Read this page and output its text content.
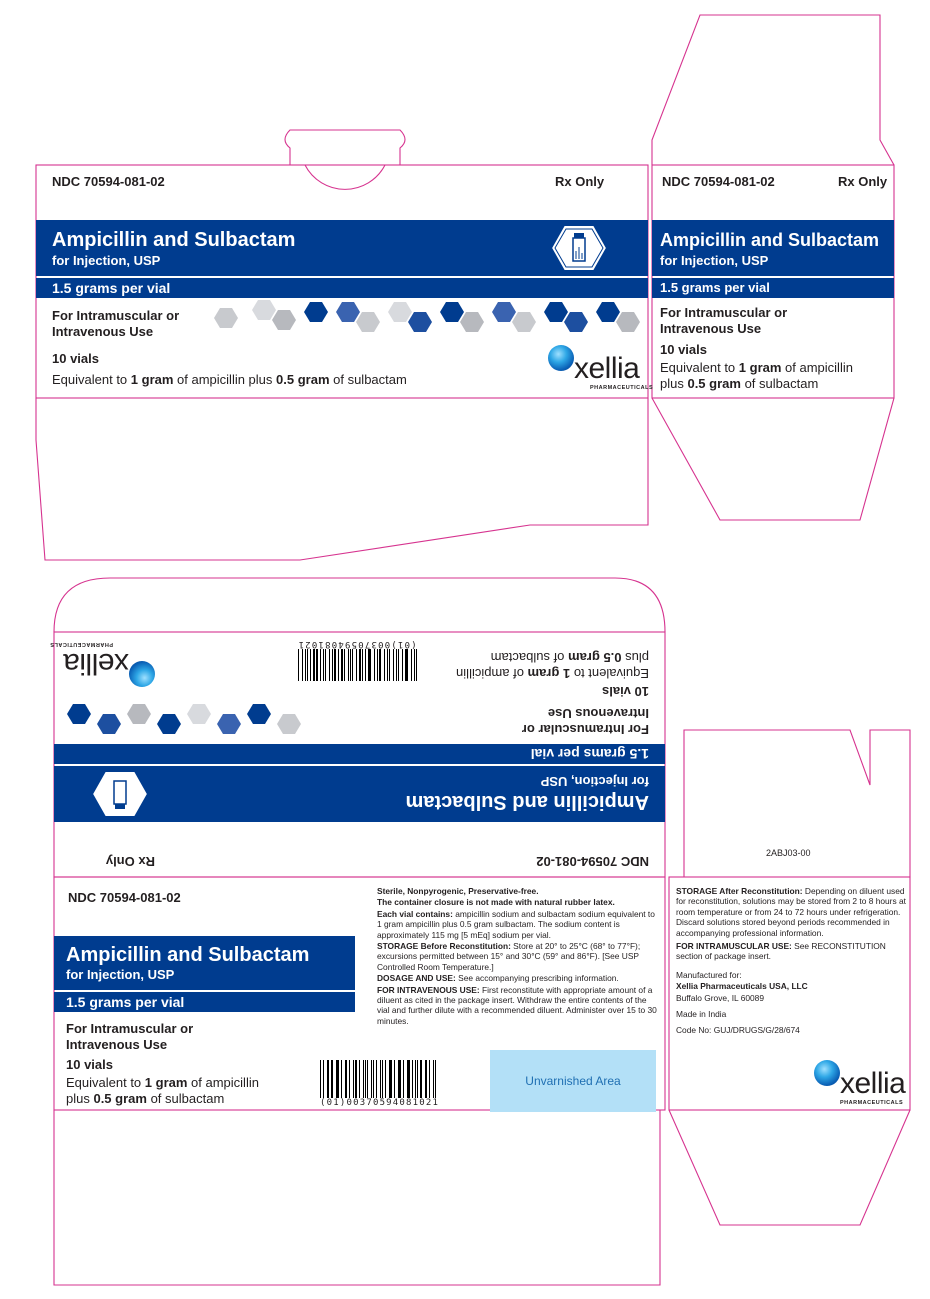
NDC 70594-081-02	Rx Only
Ampicillin and Sulbactam
for Injection, USP
1.5 grams per vial
For Intramuscular or
Intravenous Use
10 vials
Equivalent to 1 gram of ampicillin plus 0.5 gram of sulbactam	xellia
PHARMACEUTICALS
NDC 70594-081-02	Rx Only
Ampicillin and Sulbactam
for Injection, USP
1.5 grams per vial
For Intramuscular or
Intravenous Use
10 vials
Equivalent to 1 gram of ampicillin
plus 0.5 gram of sulbactam
NDC 70594-081-02
Rx Only
Ampicillin and Sulbactam
for Injection, USP
1.5 grams per vial
For Intramuscular or
Intravenous Use
10 vials
Equivalent to 1 gram of ampicillin
plus 0.5 gram of sulbactam
(01)00370594081021
xellia
PHARMACEUTICALS
NDC 70594-081-02
Ampicillin and Sulbactam
for Injection, USP
1.5 grams per vial
For Intramuscular or
Intravenous Use
10 vials
Equivalent to 1 gram of ampicillin
plus 0.5 gram of sulbactam

Sterile, Nonpyrogenic, Preservative-free.

The container closure is not made with natural rubber latex.

Each vial contains: ampicillin sodium and sulbactam sodium equivalent to 1 gram ampicillin plus 0.5 gram sulbactam. The sodium content is approximately 115 mg [5 mEq] sodium per vial.

STORAGE Before Reconstitution: Store at 20° to 25°C (68° to 77°F); excursions permitted between 15° and 30°C (59° and 86°F). [See USP Controlled Room Temperature.]

DOSAGE AND USE: See accompanying prescribing information.

FOR INTRAVENOUS USE: First reconstitute with appropriate amount of a diluent as cited in the package insert. Withdraw the entire contents of the vial and further dilute with a recommended diluent. Administer over 15 to 30 minutes.

(01)00370594081021
Unvarnished Area
2ABJ03-00

STORAGE After Reconstitution: Depending on diluent used for reconstitution, solutions may be stored from 2 to 8 hours at room temperature or from 24 to 72 hours under refrigeration. Discard solutions stored beyond periods recommended in accompanying professional information.

FOR INTRAMUSCULAR USE: See RECONSTITUTION section of package insert.

Manufactured for:

Xellia Pharmaceuticals USA, LLC

Buffalo Grove, IL 60089

Made in India

Code No: GUJ/DRUGS/G/28/674

xellia
PHARMACEUTICALS
